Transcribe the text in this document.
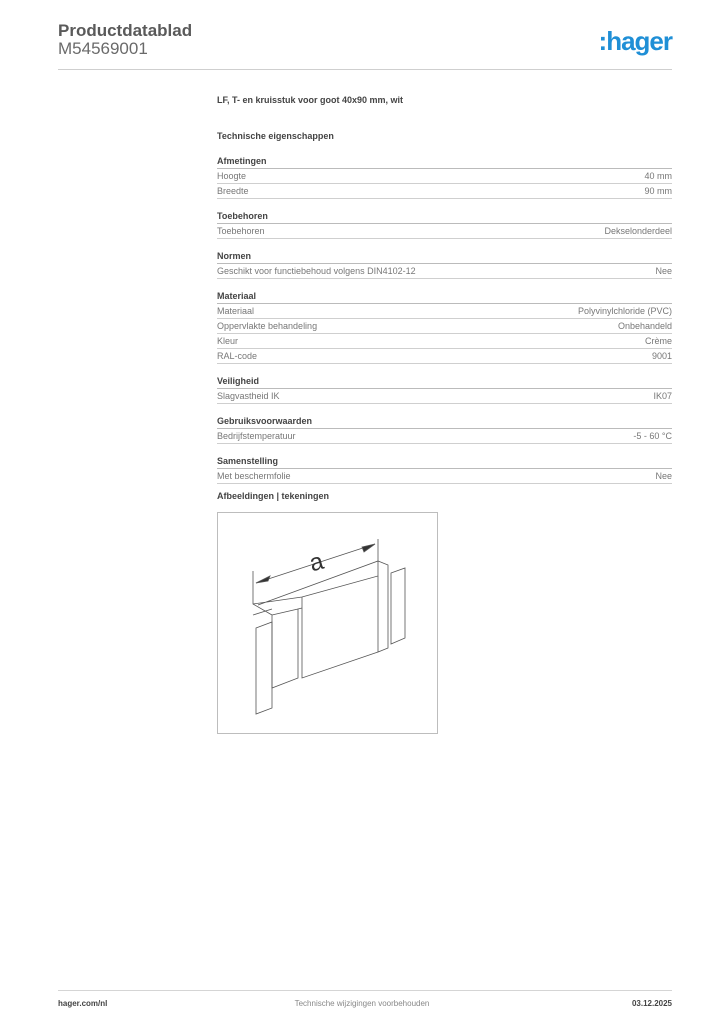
Productdatablad
M54569001	:hager
LF, T- en kruisstuk voor goot 40x90 mm, wit
Technische eigenschappen
Afmetingen
Hoogte	40 mm
Breedte	90 mm
Toebehoren
Toebehoren	Dekselonderdeel
Normen
Geschikt voor functiebehoud volgens DIN4102-12	Nee
Materiaal
Materiaal	Polyvinylchloride (PVC)
Oppervlakte behandeling	Onbehandeld
Kleur	Crème
RAL-code	9001
Veiligheid
Slagvastheid IK	IK07
Gebruiksvoorwaarden
Bedrijfstemperatuur	-5 - 60 °C
Samenstelling
Met beschermfolie	Nee
Afbeeldingen | tekeningen
a
Technische wijzigingen voorbehouden
hager.com/nl	03.12.2025
